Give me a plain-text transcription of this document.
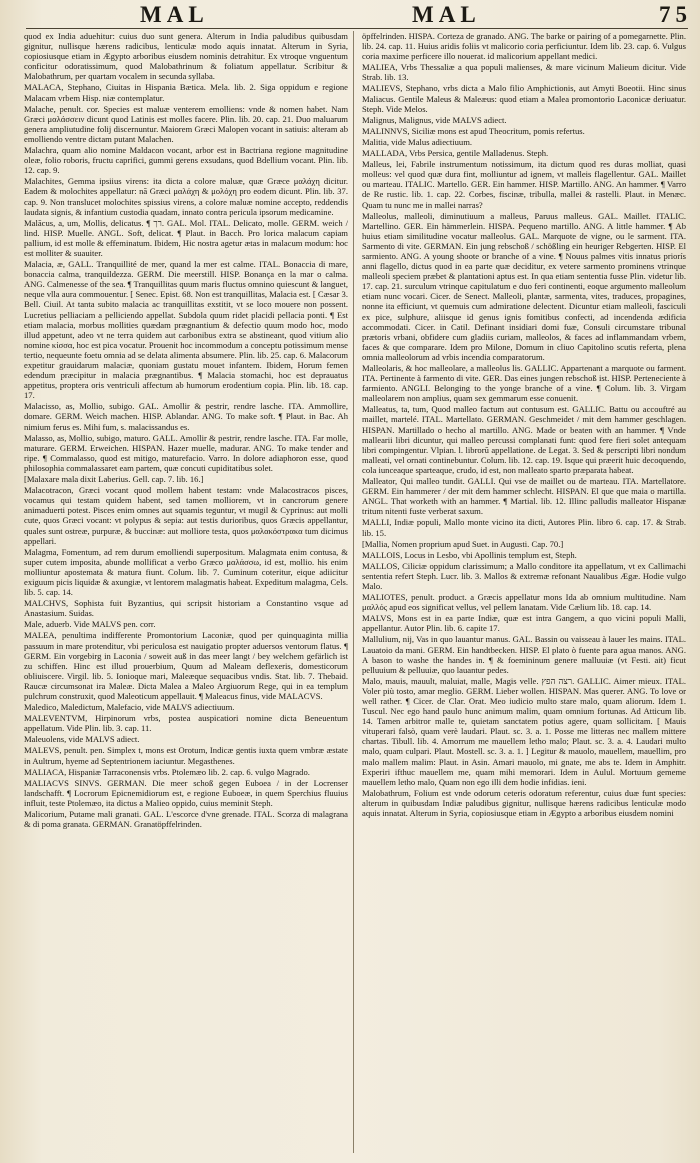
MAL	MAL	75

quod ex India aduehitur: cuius duo sunt genera. Alterum in India paludibus quibusdam gignitur, nullisque hærens radicibus, lenticulæ modo aquis innatat. Alterum in Syria, copiosiusque etiam in Ægypto arboribus eiusdem nominis detrahitur. Ex vtroque vnguentum conficitur odoratissimum, quod Malobathrinum & foliatum appellatur. Scribitur & Malobathrum, per quartam vocalem in secunda syllaba.

MALACA, Stephano, Ciuitas in Hispania Bætica. Mela. lib. 2. Siga oppidum e regione Malacam vrbem Hisp. niæ contemplatur.

Malache, penult. cor. Species est maluæ venterem emolliens: vnde & nomen habet. Nam Græci μαλάσσειν dicunt quod Latinis est molles facere. Plin. lib. 20. cap. 21. Duo maluarum genera ampliutudine folij discernuntur. Maiorem Græci Malopen vocant in satiuis: alteram ab emolliendo ventre dictam putant Malachen.

Malachra, quam alio nomine Maldacon vocant, arbor est in Bactriana regione magnitudine oleæ, folio roboris, fructu caprifici, gummi gerens exsudans, quod Bdellium vocant. Plin. lib. 12. cap. 9.

Malachites, Gemma ipsiius virens: ita dicta a colore maluæ, quæ Græce μαλάχη dicitur. Eadem & molochites appellatur: nā Græci μαλάχη & μολόχη pro eodem dicunt. Plin. lib. 37. cap. 9. Non translucet molochites spissius virens, a colore maluæ nomine accepto, reddendis laudata signis, & infantium custodia quadam, innato contra pericula ipsorum medicamine.

Malācus, a, um, Mollis, delicatus. ¶ רך. GAL. Mol. ITAL. Delicato, molle. GERM. weich / lind. HISP. Muelle. ANGL. Soft, delicat. ¶ Plaut. in Bacch. Pro lorica malacum capiam pallium, id est molle & effeminatum. Ibidem, Hic nostra agetur ætas in malacum modum: hoc est molliter & suauiter.

Malacia, æ, GALL. Tranquillité de mer, quand la mer est calme. ITAL. Bonaccia di mare, bonaccia calma, tranquildezza. GERM. Die meerstill. HISP. Bonança en la mar o calma. ANG. Calmenesse of the sea. ¶ Tranquillitas quum maris fluctus omnino quiescunt & languet, neque vlla aura commouentur. [ Senec. Epist. 68. Non est tranquillitas, Malacia est. [ Cæsar 3. Bell. Ciuil. At tanta subito malacia ac tranquillitas exstitit, vt se loco mouere non possent. Lucretius pelliaciam a pelliciendo appellat. Subdola quum ridet placidi pellacia ponti. ¶ Est etiam malacia, morbus mollities quædam prægnantium & defectio quum modo hoc, modo illud appetunt, adeo vt ne terra quidem aut carbonibus extra se abstineant, quod vitium alio nomine κίσσα, hoc est pica vocatur. Prouenit hoc incommodum a conceptu potissimum mense tertio, nequeunte foetu omnia ad se delata alimenta absumere. Plin. lib. 25. cap. 6. Malacorum expetitur grauidarum malaciæ, quoniam gustatu mouet infantem. Ibidem, Horum femen edendum præcipitur in malacia prægnantibus. ¶ Malacia stomachi, hoc est deprauatus appetitus, proptera oris ventriculi affectum ab humorum erodentium copia. Plin. lib. 18. cap. 17.

Malacisso, as, Mollio, subigo. GAL. Amollir & pestrir, rendre lasche. ITA. Ammollire, domare. GERM. Weich machen. HISP. Ablandar. ANG. To make soft. ¶ Plaut. in Bac. Ah nimium ferus es. Mihi fum, s. malacissandus es.

Malasso, as, Mollio, subigo, maturo. GALL. Amollir & pestrir, rendre lasche. ITA. Far molle, maturare. GERM. Erweichen. HISPAN. Hazer muelle, madurar. ANG. To make tender and ripe. ¶ Commalasso, quod est mitigo, maturefacio. Varro. In dolore adiaphoron esse, quod philosophia commalassaret eam partem, quæ concuti cupiditatibus solet.

[Malaxare mala dixit Laberius. Gell. cap. 7. lib. 16.]

Malacotracon, Græci vocant quod mollem habent testam: vnde Malacostracos pisces, vocamus qui testam quidem habent, sed tamen molliorem, vt in cancrorum genere animaduerti potest. Pisces enim omnes aut squamis teguntur, vt mugil & Cyprinus: aut molli cute, quos Græci vocant: vt polypus & sepia: aut testis durioribus, quos Græcis appellantur, quales sunt ostreæ, purpuræ, & buccinæ: aut molliore testa, quos μαλακόστρακα tum dicimus appellari.

Malagma, Fomentum, ad rem durum emolliendi superpositum. Malagmata enim contusa, & super cutem imposita, abunde mollificat a verbo Græco μαλάσσω, id est, mollio. his enim molliuntur apostemata & matura fiunt. Colum. lib. 7. Cuminum coteritur, eique adiicitur exiguum picis liquidæ & axungiæ, vt lentorem malagmatis habeat. Expeditum malagma, Cels. lib. 5. cap. 14.

MALCHVS, Sophista fuit Byzantius, qui scripsit historiam a Constantino vsque ad Anastasium. Suidas.

Male, aduerb. Vide MALVS pen. corr.

MALEA, penultima indifferente Promontorium Laconiæ, quod per quinquaginta millia passuum in mare protenditur, vbi periculosa est nauigatio propter aduersos ventorum flatus. ¶ GERM. Ein vorgebirg in Laconia / soweit auß in das meer langt / bey welchem gefärlich ist zu schiffen. Hinc est illud prouerbium, Quum ad Maleam deflexeris, domesticorum obliuiscere. Virgil. lib. 5. Ionioque mari, Maleæque sequacibus vndis. Stat. lib. 7. Thebaid. Raucæ circumsonat ira Maleæ. Dicta Malea a Maleo Argiuorum Rege, qui in ea templum pulchrum construxit, quod Maleoticum appellauit. ¶ Maleacus finus, vide MALACVS.

Maledico, Maledictum, Malefacio, vide MALVS adiectiuum.

MALEVENTVM, Hirpinorum vrbs, postea auspicatiori nomine dicta Beneuentum appellatum. Vide Plin. lib. 3. cap. 11.

Maleuolens, vide MALVS adiect.

MALEVS, penult. pen. Simplex t, mons est Orotum, Indicæ gentis iuxta quem vmbræ æstate in Aultrum, hyeme ad Septentrionem iaciuntur. Megasthenes.

MALIACA, Hispaniæ Tarraconensis vrbs. Ptolemæo lib. 2. cap. 6. vulgo Magrado.

MALIACVS SINVS. GERMAN. Die meer schoß gegen Euboea / in der Locrenser landschafft. ¶ Locrorum Epicnemidiorum est, e regione Euboeæ, in quem Sperchius fluuius influit, teste Ptolemæo, ita dictus a Malieo oppido, cuius meminit Steph.

Malicorium, Putame mali granati. GAL. L'escorce d'vne grenade. ITAL. Scorza di malagrana & di poma granata. GERMAN. Granatöpffelrinden.

öpffelrinden. HISPA. Corteza de granado. ANG. The barke or pairing of a pomegarnette. Plin. lib. 24. cap. 11. Huius aridis foliis vt malicorio coria perficiuntur. Idem lib. 23. cap. 6. Vulgus coria maxime perficere illo nouerat. id malicorium appellant medici.

MALIEA, Vrbs Thessaliæ a qua populi malienses, & mare vicinum Malieum dicitur. Vide Strab. lib. 13.

MALIEVS, Stephano, vrbs dicta a Malo filio Amphictionis, aut Amyti Boeotii. Hinc sinus Maliacus. Gentile Maleus & Maleæus: quod etiam a Malea promontorio Laconicæ deriuatur. Steph. Vide Melos.

Malignus, Malignus, vide MALVS adiect.

MALINNVS, Siciliæ mons est apud Theocritum, pomis refertus.

Malitia, vide Malus adiectiuum.

MALLADA, Vrbs Persica, gentile Malladenus. Steph.

Malleus, lei, Fabrile instrumentum notissimum, ita dictum quod res duras molliat, quasi molleus: vel quod quæ dura fint, molliuntur ad ignem, vt malleis flagellentur. GAL. Maillet ou marteau. ITALIC. Martello. GER. Ein hammer. HISP. Martillo. ANG. An hammer. ¶ Varro de Re rustic. lib. 1. cap. 22. Corbes, fiscinæ, tribulla, mallei & rastelli. Plaut. in Menæc. Quam tu nunc me in mallei narras?

Malleolus, malleoli, diminutiuum a malleus, Paruus malleus. GAL. Maillet. ITALIC. Martellino. GER. Ein hämmerlein. HISPA. Pequeno martillo. ANG. A little hammer. ¶ Ab huius etiam similitudine vocatur malleolus. GAL. Marquote de vigne, ou le sarment. ITA. Sarmento di vite. GERMAN. Ein jung rebschoß / schößling ein heuriger Rebgerten. HISP. El sarmiento. ANG. A young shoote or branche of a vine. ¶ Nouus palmes vitis innatus priorís anni flagello, dictus quod in ea parte quæ deciditur, ex vetere sarmento prominens vtrinque malleoli speciem præbet & plantationi aptus est. In qua etiam sententia fusse Plin. videtur lib. 17. cap. 21. surculum vtrinque capitulatum e duo feri continenti, eoque argumento malleolum etiam nunc vocari. Cicer. de Senect. Malleoli, plantæ, sarmenta, vites, traduces, propagines, nonne ita efficiunt, vt quemuis cum admiratione delectent. Dicuntur etiam malleoli, fasciculi ex pice, sulphure, aliisque id genus ignis fomitibus confecti, ad incendenda ædificia accommodati. Cicer. in Catil. Definant insidiari domi fuæ, Consuli circumstare tribunal prætoris vrbani, obfidere cum gladiis curiam, malleolos, & faces ad inflammandam vrbem, faces & que comparare. Idem pro Milone, Domum in cliuo Capitolino scutis referta, plena omnia malleolorum ad vrbis incendia comparatorum.

Malleolaris, & hoc malleolare, a malleolus lis. GALLIC. Appartenant a marquote ou farment. ITA. Pertinente à farmento di vite. GER. Das eines jungen rebschoß ist. HISP. Perteneciente à farmiento. ANGLI. Belonging to the yonge branche of a vine. ¶ Colum. lib. 3. Virgam malleolarem non amplius, quam sex gemmarum esse conuenit.

Malleatus, ta, tum, Quod malleo factum aut contusum est. GALLIC. Battu ou accouftré au maillet, martelé. ITAL. Martellato. GERMAN. Geschmeidet / mit dem hammer geschlagen. HISPAN. Martillado o hecho al martillo. ANG. Made or beaten with an hammer. ¶ Vnde mallearii libri dicuntur, qui malleo percussi complanati funt: quod fere fieri solet antequam libri compingentur. Vlpian. l. librorū appellatione. de Legat. 3. Sed & perscripti libri nondum malleati, vel ornati continebuntur. Colum. lib. 12. cap. 19. Isque qui præerit huic decoquendo, cola iunceaque sparteaque, crudo, id est, non malleato sparto præparata habeat.

Malleator, Qui malleo tundit. GALLI. Qui vse de maillet ou de marteau. ITA. Martellatore. GERM. Ein hammerer / der mit dem hammer schlecht. HISPAN. El que que maia o martilla. ANGL. That worketh with an hammer. ¶ Martial. lib. 12. Illinc palludis malleator Hispanæ tritum nitenti fuste verberat saxum.

MALLI, Indiæ populi, Mallo monte vicino ita dicti, Autores Plin. libro 6. cap. 17. & Strab. lib. 15.

[Mallia, Nomen proprium apud Suet. in Augusti. Cap. 70.]

MALLOIS, Locus in Lesbo, vbi Apollinis templum est, Steph.

MALLOS, Ciliciæ oppidum clarissimum; a Mallo conditore ita appellatum, vt ex Callimachi sententia refert Steph. Lucr. lib. 3. Mallos & extremæ refonant Naualibus Ægæ. Hodie vulgo Malo.

MALIOTES, penult. product. a Græcis appellatur mons Ida ab omnium multitudine. Nam μαλλός apud eos significat vellus, vel pellem lanatam. Vide Cælium lib. 18. cap. 14.

MALVS, Mons est in ea parte Indiæ, quæ est intra Gangem, a quo vicini populi Malli, appellantur. Autor Plin. lib. 6. capite 17.

Mallulium, nij, Vas in quo lauantur manus. GAL. Bassin ou vaisseau à lauer les mains. ITAL. Lauatoio da mani. GERM. Ein handtbecken. HISP. El plato ò fuente para agua manos. ANG. A bason to washe the handes in. ¶ & foemininum genere malluuiæ (vt Festi. ait) ficut pelluuium & pelluuiæ, quo lauantur pedes.

Malo, mauis, mauult, maluiat, malle, Magis velle. רצה הפץ. GALLIC. Aimer mieux. ITAL. Voler più tosto, amar meglio. GERM. Lieber wollen. HISPAN. Mas querer. ANG. To love or well rather. ¶ Cicer. de Clar. Orat. Meo iudicio multo stare malo, quam aliorum. Idem 1. Tuscul. Nec ego hand paulo hunc animum malim, quam omnium fortunas. Ad Atticum lib. 14. Tamen arbitror malle te, quietam sanctatem potius agere, quam sollicitam. [ Mauis vituperari falsò, quam verè laudari. Plaut. sc. 3. a. 1. Posse me litteras nec mallem mittere chartas. Tibull. lib. 4. Amorrum me mauellem letho malo; Plaut. sc. 3. a. 4. Laudari multo malo, quam culpari. Plaut. Mostell. sc. 3. a. 1. ] Legitur & mauolo, mauellem, mauellim, pro malo mallem malim: Plaut. in Asin. Amari mauolo, mi gnate, me abs te. Idem in Amphitr. Experiri ifthuc mauellem me, quam mihi memorari. Idem in Aulul. Mortuum gememe mauellem letho malo, Quam non ego illi dem hodie infidias. ieni.

Malobathrum, Folium est vnde odorum ceteris odoratum referentur, cuius duæ funt species: alterum in quibusdam Indiæ paludibus gignitur, nullisque hærens radicibus lenticulæ modo aquis innatat. Alterum in Syria, copiosiusque etiam in Ægypto a arboribus eiusdem nomini
